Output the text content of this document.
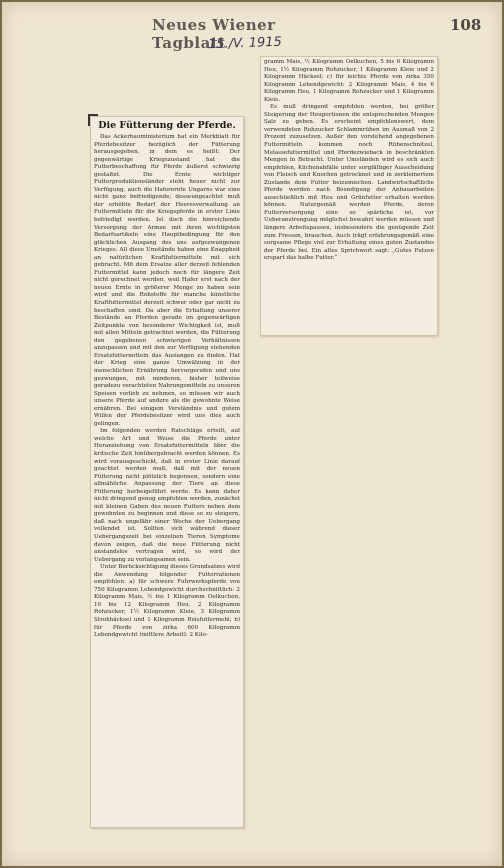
Neues Wiener Tagblatt
108
15./V. 1915
Die Fütterung der Pferde.

Das Ackerbauministerium hat ein Merkblatt für Pferdebesitzer bezüglich der Fütterung herausgegeben, in dem es heißt: Der gegenwärtige Kriegszustand hat die Futterbeschaffung für Pferde äußerst schwierig gestaltet. Die Ernte wichtiger Futterproduktionsländer steht heuer nicht zur Verfügung, auch die Haferernte Ungarns war eine nicht ganz befriedigende; desseungeachtet muß der erhöhte Bedarf der Heeresverwaltung an Futtermitteln für die Kriegspferde in erster Linie befriedigt werden. Ist doch die hinreichende Versorgung der Armee mit ihren wichtigsten Bedarfsartikeln eine Hauptbedingung für den glücklichen Ausgang des uns aufgezwungenen Krieges. All diese Umstände haben eine Knappheit an natürlichen Kraftfuttermitteln mit sich gebracht. Mit dem Ersatze aller derzeit fehlenden Futtermittel kann jedoch noch für längere Zeit nicht gerechnet werden, weil Hafer erst nach der neuen Ernte in größerer Menge zu haben sein wird und die Rohstoffe für manche künstliche Kraftfuttermittel derzeit schwer oder gar nicht zu beschaffen sind. Da aber die Erhaltung unserer Bestände an Pferden gerade im gegenwärtigen Zeitpunkte von besonderer Wichtigkeit ist, muß mit allen Mitteln getrachtet werden, die Fütterung den gegebenen schwierigen Verhältnissen anzupassen und mit den zur Verfügung stehenden Ersatzfuttermitteln das Auslangen zu finden. Hat der Krieg eine ganze Umwälzung in der menschlichen Ernährung hervorgerufen und uns gezwungen, mit minderen, bisher teilweise geradezu verachteten Nahrungsmitteln zu unseren Speisen vorlieb zu nehmen, so müssen wir auch unsere Pferde auf andere als die gewohnte Weise ernähren. Bei einigem Verständnis und gutem Willen der Pferdebesitzer wird uns dies auch gelingen.

Im folgenden werden Ratschläge erteilt, auf welche Art und Weise die Pferde unter Heranziehung von Ersatzfuttermitteln über die kritische Zeit hinübergebracht werden können. Es wird vorausgeschickt, daß in erster Linie darauf geachtet werden muß, daß mit der neuen Fütterung nicht plötzlich begonnen, sondern eine allmähliche Anpassung der Tiere an diese Fütterung herbeigeführt werde. Es kann daher nicht dringend genug empfohlen werden, zunächst mit kleinen Gaben des neuen Futters nehen dem gewohnten zu beginnen und diese so zu steigern, daß nach ungefähr einer Woche der Uebergang vollendet ist. Sollten sich während dieser Uebergangszeit bei einzelnen Tieren Symptome davon zeigen, daß die neue Fütterung nicht anstandslos vertragen wird, so wird der Uebergang zu verlangsamen sein.

Unter Berücksichtigung dieses Grundsatzes wird die Anwendung folgender Futterrationen empfohlen: a) für schwere Fuhrwerkspferde von 750 Kilogramm Lebendgewicht durchschnittlich: 2 Kilogramm Mais, ½ bis 1 Kilogramm Oelkuchen, 10 bis 12 Kilogramm Heu, 2 Kilogramm Rohzucker, 1½ Kilogramm Kleie, 3 Kilogramm Strohhäcksel und 1 Kilogramm Reisfuttermehl; b) für Pferde von zirka 600 Kilogramm Lebendgewicht (mittlere Arbeit): 2 Kilo-

gramm Mais, ½ Kilogramm Oelkuchen, 5 bis 6 Kilogramm Heu, 1½ Kilogramm Rohzucker, 1 Kilogramm Kleie und 2 Kilogramm Häcksel; c) für leichte Pferde von zirka 350 Kilogramm Lebendgewicht: 2 Kilogramm Mais, 4 bis 6 Kilogramm Heu, 1 Kilogramm Rohzucker und 1 Kilogramm Kleie.

Es muß dringend empfohlen werden, bei größer Steigerung der Heuportionen die entsprechenden Mengen Salz zu geben. Es erscheint empfehlenswert, dem verwendeten Rohzucker Schlammrüben im Ausmaß von 2 Prozent zuzusetzen. Außer den vorstehend angegebenen Futtermitteln kommen noch Rübenschnitzel, Melassefuttermittel und Pferdezwieback in beschränkten Mengen in Betracht. Unter Umständen wird es sich auch empfehlen, Küchenabfälle unter sorgfältiger Ausscheidung von Fleisch und Knochen getrocknet und in zerkleinertem Zustande dem Futter beizumischen. Landwirtschaftliche Pferde werden nach Beendigung der Anbauarbeiten ausschließlich mit Heu und Grünfutter erhalten werden können. Naturgemäß werden Pferde, deren Futterversorgung eine so spärliche ist, vor Ueberanstrengung möglichst bewahrt werden müssen und längere Arbeitspausen, insbesondere die genügende Zeit zum Fressen, brauchen. Auch trägt erfahrungsgemäß eine sorgsame Pflege viel zur Erhaltung eines guten Zustandes der Pferde bei. Ein altes Sprichwort sagt: „Gutes Putzen erspart das halbe Futter.“
